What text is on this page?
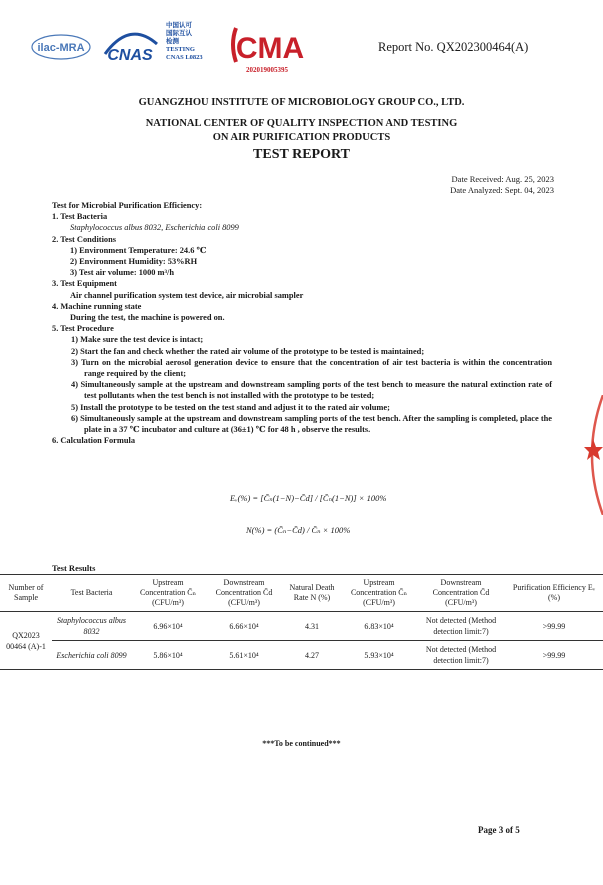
ilac-MRA CNAS
中国认可
国际互认
检测
TESTING
CNAS L0823 CMA
202019005395
Report No. QX202300464(A)
GUANGZHOU INSTITUTE OF MICROBIOLOGY GROUP CO., LTD.
NATIONAL CENTER OF QUALITY INSPECTION AND TESTING
ON AIR PURIFICATION PRODUCTS
TEST REPORT
Date Received: Aug. 25, 2023
Date Analyzed: Sept. 04, 2023

Test for Microbial Purification Efficiency:

1. Test Bacteria

Staphylococcus albus 8032, Escherichia coli 8099

2. Test Conditions

1) Environment Temperature: 24.6 ℃

2) Environment Humidity: 53%RH

3) Test air volume: 1000 m³/h

3. Test Equipment

Air channel purification system test device, air microbial sampler

4. Machine running state

During the test, the machine is powered on.

5. Test Procedure

1) Make sure the test device is intact;

2) Start the fan and check whether the rated air volume of the prototype to be tested is maintained;

3) Turn on the microbial aerosol generation device to ensure that the concentration of air test bacteria is within the concentration range required by the client;

4) Simultaneously sample at the upstream and downstream sampling ports of the test bench to measure the natural extinction rate of test pollutants when the test bench is not installed with the prototype to be tested;

5) Install the prototype to be tested on the test stand and adjust it to the rated air volume;

6) Simultaneously sample at the upstream and downstream sampling ports of the test bench. After the sampling is completed, place the plate in a 37 ℃ incubator and culture at (36±1) ℃ for 48 h , observe the results.

6. Calculation Formula

Eᵥ(%) = [C̄ₙ(1−N)−C̄d] / [C̄ₙ(1−N)] × 100%
N(%) = (C̄ₙ−C̄d) / C̄ₙ × 100%
Test Results
Number of Sample	Test Bacteria	Upstream Concentration C̄ₙ (CFU/m³)	Downstream Concentration C̄d (CFU/m³)	Natural Death Rate N (%)	Upstream Concentration C̄ₙ (CFU/m³)	Downstream Concentration C̄d (CFU/m³)	Purification Efficiency Eᵥ (%)
QX2023 00464 (A)-1	Staphylococcus albus 8032	6.96×10⁴	6.66×10⁴	4.31	6.83×10⁴	Not detected (Method detection limit:7)	>99.99
	Escherichia coli 8099	5.86×10⁴	5.61×10⁴	4.27	5.93×10⁴	Not detected (Method detection limit:7)	>99.99
***To be continued***
Page 3 of 5
